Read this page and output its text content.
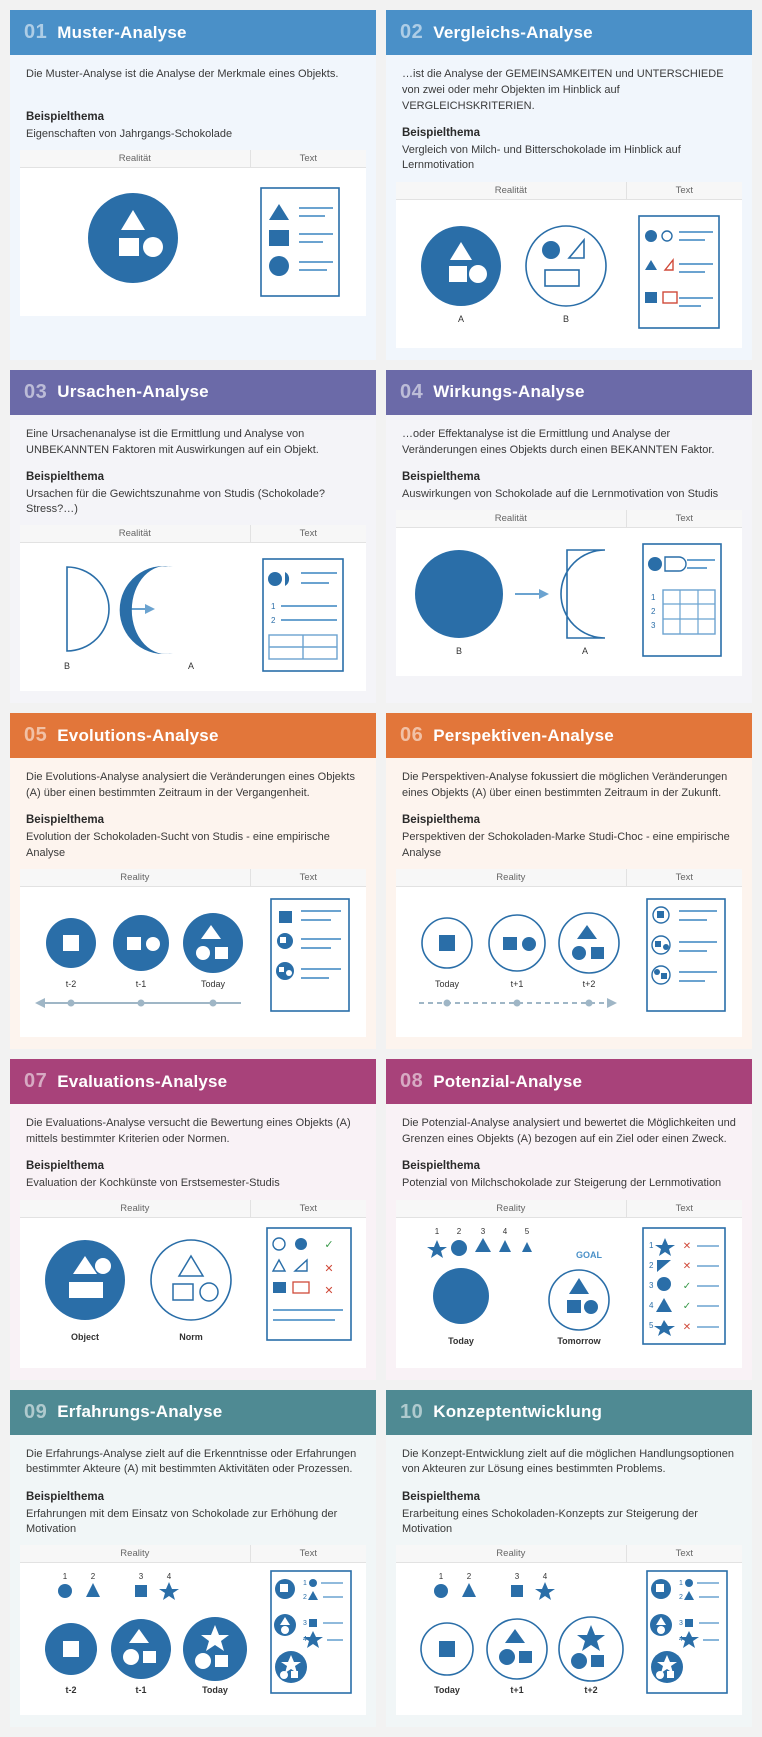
01 Muster-Analyse
Die Muster-Analyse ist die Analyse der Merkmale eines Objekts.
Beispielthema
Eigenschaften von Jahrgangs-Schokolade
Realität	Text
02 Vergleichs-Analyse
…ist die Analyse der GEMEINSAMKEITEN und UNTERSCHIEDE von zwei oder mehr Objekten im Hinblick auf VERGLEICHSKRITERIEN.
Beispielthema
Vergleich von Milch- und Bitterschokolade im Hinblick auf Lernmotivation
Realität	Text
A	B
03 Ursachen-Analyse
Eine Ursachenanalyse ist die Ermittlung und Analyse von UNBEKANNTEN Faktoren mit Auswirkungen auf ein Objekt.
Beispielthema
Ursachen für die Gewichtszunahme von Studis (Schokolade? Stress?…)
Realität	Text
B	A
1
2
04 Wirkungs-Analyse
…oder Effektanalyse ist die Ermittlung und Analyse der Veränderungen eines Objekts durch einen BEKANNTEN Faktor.
Beispielthema
Auswirkungen von Schokolade auf die Lernmotivation von Studis
Realität	Text
B	A
1
2
3
05 Evolutions-Analyse
Die Evolutions-Analyse analysiert die Veränderungen eines Objekts (A) über einen bestimmten Zeitraum in der Vergangenheit.
Beispielthema
Evolution der Schokoladen-Sucht von Studis - eine empirische Analyse
Reality	Text
t-2	t-1	Today
06 Perspektiven-Analyse
Die Perspektiven-Analyse fokussiert die möglichen Veränderungen eines Objekts (A) über einen bestimmten Zeitraum in der Zukunft.
Beispielthema
Perspektiven der Schokoladen-Marke Studi-Choc - eine empirische Analyse
Reality	Text
Today	t+1	t+2
07 Evaluations-Analyse
Die Evaluations-Analyse versucht die Bewertung eines Objekts (A) mittels bestimmter Kriterien oder Normen.
Beispielthema
Evaluation der Kochkünste von Erstsemester-Studis
Reality	Text
Object	Norm
✓
✕
✕
08 Potenzial-Analyse
Die Potenzial-Analyse analysiert und bewertet die Möglichkeiten und Grenzen eines Objekts (A) bezogen auf ein Ziel oder einen Zweck.
Beispielthema
Potenzial von Milchschokolade zur Steigerung der Lernmotivation
Reality	Text
1 2 3 4 5
Today
GOAL
Tomorrow
1
2
3
4
5
✕
✕
✓
✓
✕
09 Erfahrungs-Analyse
Die Erfahrungs-Analyse zielt auf die Erkenntnisse oder Erfahrungen bestimmter Akteure (A) mit bestimmten Aktivitäten oder Prozessen.
Beispielthema
Erfahrungen mit dem Einsatz von Schokolade zur Erhöhung der Motivation
Reality	Text
1	2	3	4
t-2	t-1	Today
1
2
3
4
10 Konzeptentwicklung
Die Konzept-Entwicklung zielt auf die möglichen Handlungsoptionen von Akteuren zur Lösung eines bestimmten Problems.
Beispielthema
Erarbeitung eines Schokoladen-Konzepts zur Steigerung der Motivation
Reality	Text
1	2	3	4
Today	t+1	t+2
1
2
3
4
